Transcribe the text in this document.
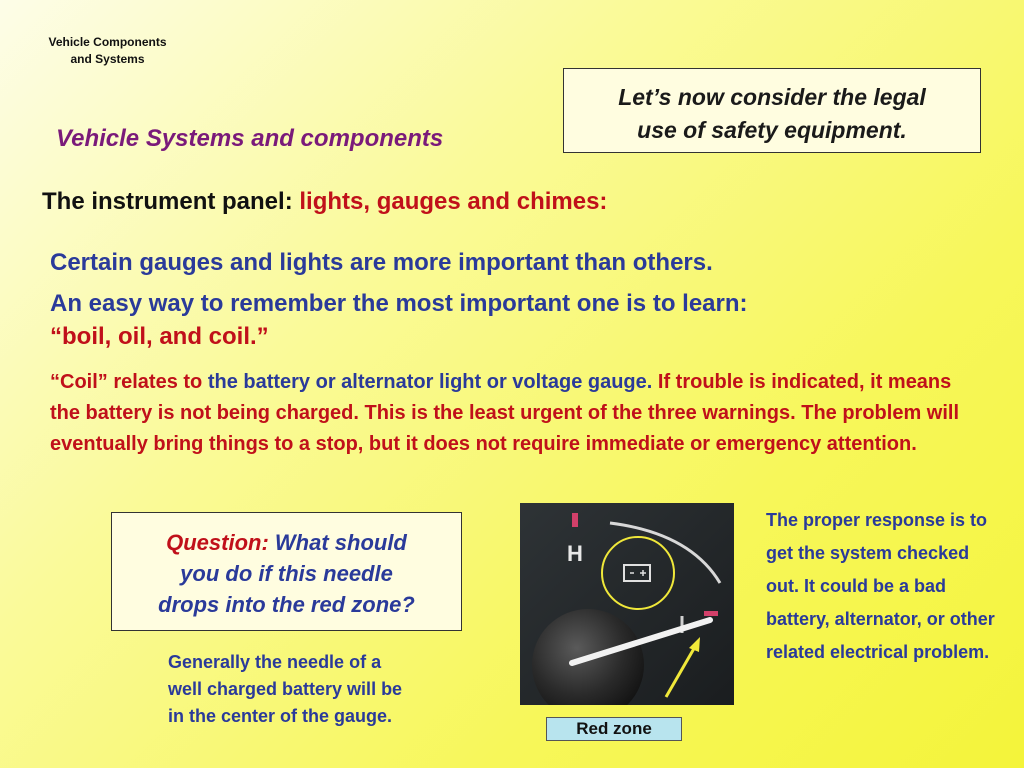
Vehicle Components
and Systems
Vehicle Systems and components
Let’s now consider the legal
use of safety equipment.
The instrument panel: lights, gauges and chimes:
Certain gauges and lights are more important than others.
An easy way to remember the most important one is to learn:
“boil, oil, and coil.”
“Coil” relates to the battery or alternator light or voltage gauge. If trouble is indicated, it means the battery is not being charged. This is the least urgent of the three warnings. The problem will eventually bring things to a stop, but it does not require immediate or emergency attention.
Question: What should
you do if this needle
drops into the red zone?
Generally the needle of a well charged battery will be in the center of the gauge.
H
Red zone
The proper response is to get the system checked out. It could be a bad battery, alternator, or other related electrical problem.
